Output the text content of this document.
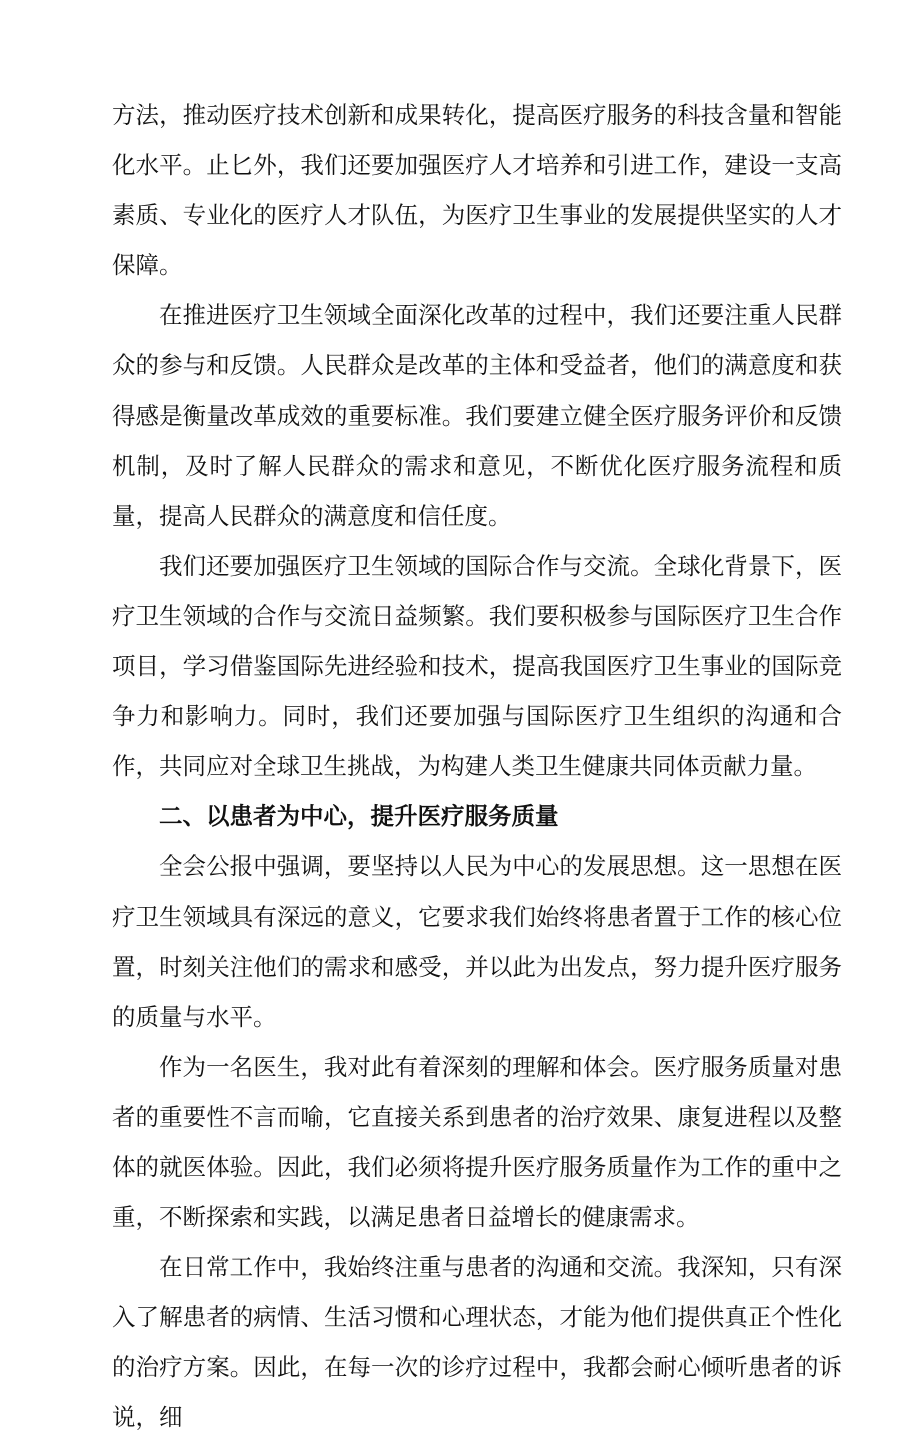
方法，推动医疗技术创新和成果转化，提高医疗服务的科技含量和智能化水平。止匕外，我们还要加强医疗人才培养和引进工作，建设一支高素质、专业化的医疗人才队伍，为医疗卫生事业的发展提供坚实的人才保障。

在推进医疗卫生领域全面深化改革的过程中，我们还要注重人民群众的参与和反馈。人民群众是改革的主体和受益者，他们的满意度和获得感是衡量改革成效的重要标准。我们要建立健全医疗服务评价和反馈机制，及时了解人民群众的需求和意见，不断优化医疗服务流程和质量，提高人民群众的满意度和信任度。

我们还要加强医疗卫生领域的国际合作与交流。全球化背景下，医疗卫生领域的合作与交流日益频繁。我们要积极参与国际医疗卫生合作项目，学习借鉴国际先进经验和技术，提高我国医疗卫生事业的国际竞争力和影响力。同时，我们还要加强与国际医疗卫生组织的沟通和合作，共同应对全球卫生挑战，为构建人类卫生健康共同体贡献力量。

二、以患者为中心，提升医疗服务质量

全会公报中强调，要坚持以人民为中心的发展思想。这一思想在医疗卫生领域具有深远的意义，它要求我们始终将患者置于工作的核心位置，时刻关注他们的需求和感受，并以此为出发点，努力提升医疗服务的质量与水平。

作为一名医生，我对此有着深刻的理解和体会。医疗服务质量对患者的重要性不言而喻，它直接关系到患者的治疗效果、康复进程以及整体的就医体验。因此，我们必须将提升医疗服务质量作为工作的重中之重，不断探索和实践，以满足患者日益增长的健康需求。

在日常工作中，我始终注重与患者的沟通和交流。我深知，只有深入了解患者的病情、生活习惯和心理状态，才能为他们提供真正个性化的治疗方案。因此，在每一次的诊疗过程中，我都会耐心倾听患者的诉说，细
